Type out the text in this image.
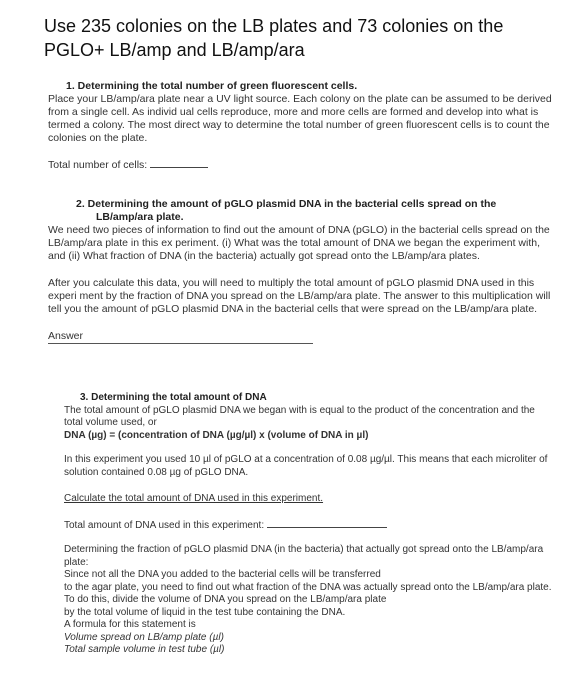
Use 235 colonies on the LB plates and 73 colonies on the
PGLO+ LB/amp and LB/amp/ara

1. Determining the total number of green fluorescent cells.

Place your LB/amp/ara plate near a UV light source. Each colony on the plate can be assumed to be derived from a single cell. As individ ual cells reproduce, more and more cells are formed and develop into what is termed a colony. The most direct way to determine the total number of green fluorescent cells is to count the colonies on the plate.

Total number of cells:

2. Determining the amount of pGLO plasmid DNA in the bacterial cells spread on the LB/amp/ara plate.

We need two pieces of information to find out the amount of DNA (pGLO) in the bacterial cells spread on the LB/amp/ara plate in this ex periment. (i) What was the total amount of DNA we began the experiment with, and (ii) What fraction of DNA (in the bacteria) actually got spread onto the LB/amp/ara plates.

After you calculate this data, you will need to multiply the total amount of pGLO plasmid DNA used in this experi ment by the fraction of DNA you spread on the LB/amp/ara plate. The answer to this multiplication will tell you the amount of pGLO plasmid DNA in the bacterial cells that were spread on the LB/amp/ara plate.

Answer

3. Determining the total amount of DNA

The total amount of pGLO plasmid DNA we began with is equal to the product of the concentration and the total volume used, or

DNA (µg) = (concentration of DNA (µg/µl) x (volume of DNA in µl)

In this experiment you used 10 µl of pGLO at a concentration of 0.08 µg/µl. This means that each microliter of solution contained 0.08 µg of pGLO DNA.

Calculate the total amount of DNA used in this experiment.

Total amount of DNA used in this experiment:

Determining the fraction of pGLO plasmid DNA (in the bacteria) that actually got spread onto the LB/amp/ara plate:

Since not all the DNA you added to the bacterial cells will be transferred

to the agar plate, you need to find out what fraction of the DNA was actually spread onto the LB/amp/ara plate. To do this, divide the volume of DNA you spread on the LB/amp/ara plate

by the total volume of liquid in the test tube containing the DNA.

A formula for this statement is

Volume spread on LB/amp plate (µl)

Total sample volume in test tube (µl)
